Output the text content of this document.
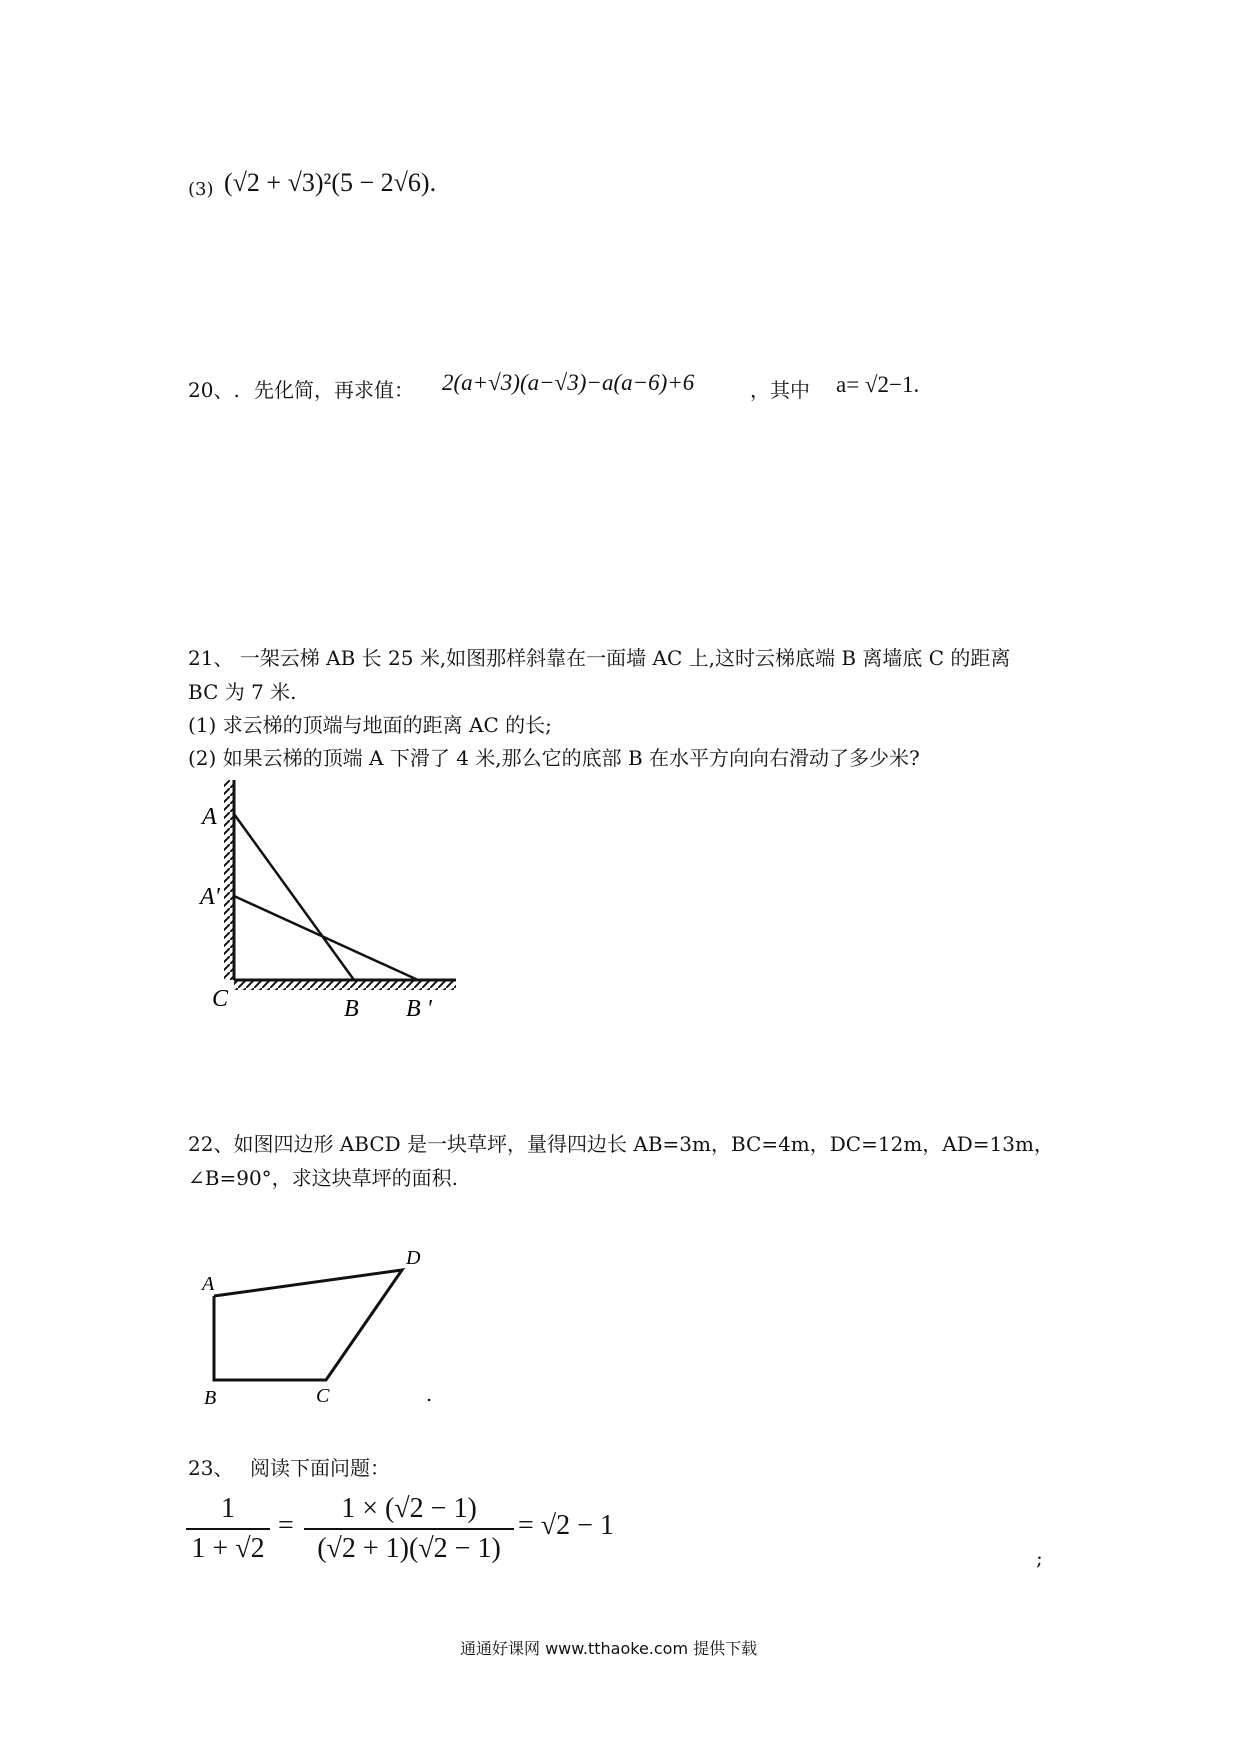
(3) (√2 + √3)²(5 − 2√6).
20、. 先化简，再求值： 2(a+√3)(a−√3)−a(a−6)+6	，其中 a= √2−1.
21、 一架云梯 AB 长 25 米,如图那样斜靠在一面墙 AC 上,这时云梯底端 B 离墙底 C 的距离
BC 为 7 米.
(1) 求云梯的顶端与地面的距离 AC 的长;
(2) 如果云梯的顶端 A 下滑了 4 米,那么它的底部 B 在水平方向向右滑动了多少米?
A
A'
C	B B '
22、如图四边形 ABCD 是一块草坪，量得四边长 AB=3m，BC=4m，DC=12m，AD=13m，
∠B=90°，求这块草坪的面积.
A
B	C
D
.
23、 阅读下面问题：
1
1 + √2
=
1 × (√2 − 1)
(√2 + 1)(√2 − 1)
= √2 − 1
;
通通好课网 www.tthaoke.com 提供下载
